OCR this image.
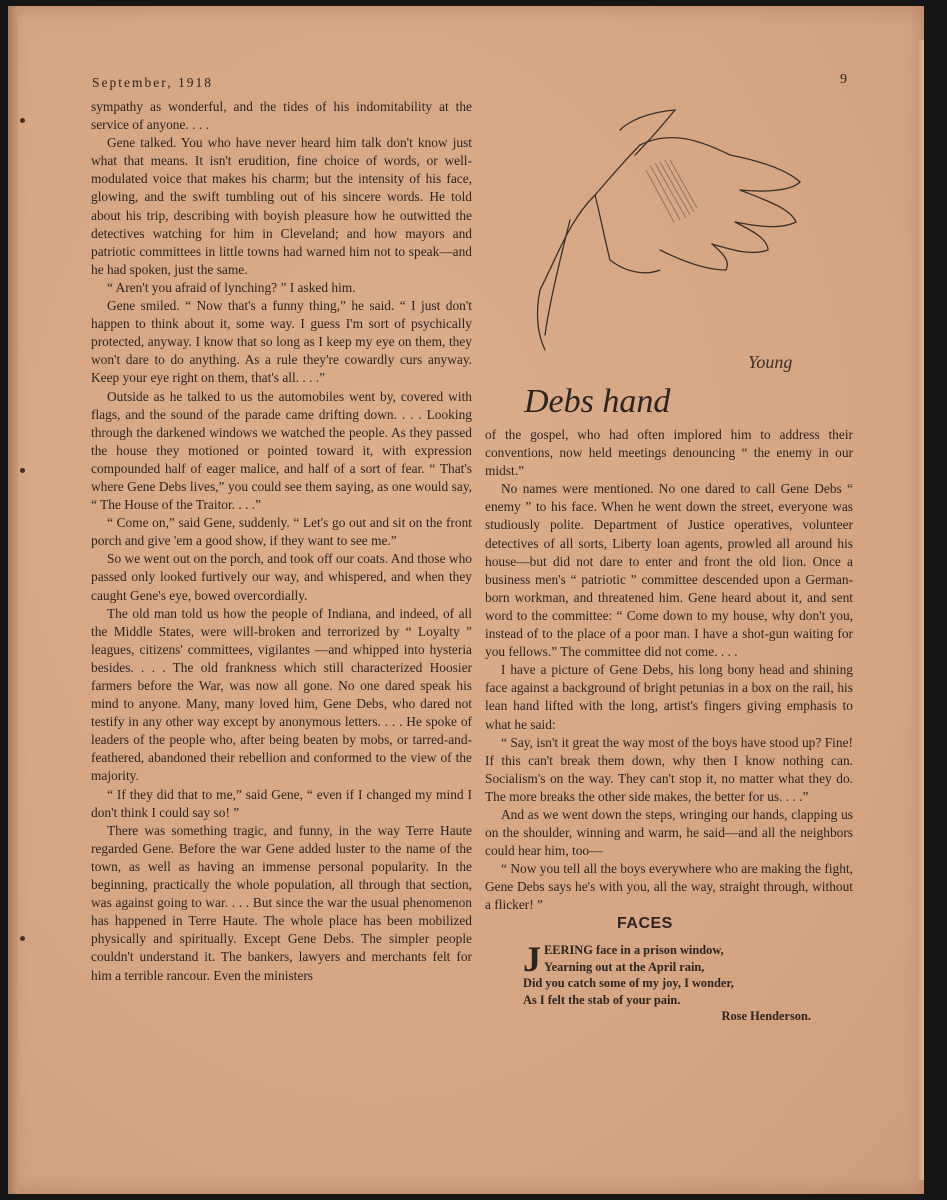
September, 1918	9

sympathy as wonderful, and the tides of his indomitability at the service of anyone. . . .

Gene talked. You who have never heard him talk don't know just what that means. It isn't erudition, fine choice of words, or well-modulated voice that makes his charm; but the intensity of his face, glowing, and the swift tumbling out of his sincere words. He told about his trip, describing with boyish pleasure how he outwitted the detectives watching for him in Cleveland; and how mayors and patriotic committees in little towns had warned him not to speak—and he had spoken, just the same.

“ Aren't you afraid of lynching? ” I asked him.

Gene smiled. “ Now that's a funny thing,” he said. “ I just don't happen to think about it, some way. I guess I'm sort of psychically protected, anyway. I know that so long as I keep my eye on them, they won't dare to do anything. As a rule they're cowardly curs anyway. Keep your eye right on them, that's all. . . .”

Outside as he talked to us the automobiles went by, covered with flags, and the sound of the parade came drifting down. . . . Looking through the darkened windows we watched the people. As they passed the house they motioned or pointed toward it, with expression compounded half of eager malice, and half of a sort of fear. “ That's where Gene Debs lives,” you could see them saying, as one would say, “ The House of the Traitor. . . .”

“ Come on,” said Gene, suddenly. “ Let's go out and sit on the front porch and give 'em a good show, if they want to see me.”

So we went out on the porch, and took off our coats. And those who passed only looked furtively our way, and whispered, and when they caught Gene's eye, bowed overcordially.

The old man told us how the people of Indiana, and indeed, of all the Middle States, were will-broken and terrorized by “ Loyalty ” leagues, citizens' committees, vigilantes —and whipped into hysteria besides. . . . The old frankness which still characterized Hoosier farmers before the War, was now all gone. No one dared speak his mind to anyone. Many, many loved him, Gene Debs, who dared not testify in any other way except by anonymous letters. . . . He spoke of leaders of the people who, after being beaten by mobs, or tarred-and-feathered, abandoned their rebellion and conformed to the view of the majority.

“ If they did that to me,” said Gene, “ even if I changed my mind I don't think I could say so! ”

There was something tragic, and funny, in the way Terre Haute regarded Gene. Before the war Gene added luster to the name of the town, as well as having an immense personal popularity. In the beginning, practically the whole population, all through that section, was against going to war. . . . But since the war the usual phenomenon has happened in Terre Haute. The whole place has been mobilized physically and spiritually. Except Gene Debs. The simpler people couldn't understand it. The bankers, lawyers and merchants felt for him a terrible rancour. Even the ministers

Young
Debs hand

of the gospel, who had often implored him to address their conventions, now held meetings denouncing “ the enemy in our midst.”

No names were mentioned. No one dared to call Gene Debs “ enemy ” to his face. When he went down the street, everyone was studiously polite. Department of Justice operatives, volunteer detectives of all sorts, Liberty loan agents, prowled all around his house—but did not dare to enter and front the old lion. Once a business men's “ patriotic ” committee descended upon a German-born workman, and threatened him. Gene heard about it, and sent word to the committee: “ Come down to my house, why don't you, instead of to the place of a poor man. I have a shot-gun waiting for you fellows.” The committee did not come. . . .

I have a picture of Gene Debs, his long bony head and shining face against a background of bright petunias in a box on the rail, his lean hand lifted with the long, artist's fingers giving emphasis to what he said:

“ Say, isn't it great the way most of the boys have stood up? Fine! If this can't break them down, why then I know nothing can. Socialism's on the way. They can't stop it, no matter what they do. The more breaks the other side makes, the better for us. . . .”

And as we went down the steps, wringing our hands, clapping us on the shoulder, winning and warm, he said—and all the neighbors could hear him, too—

“ Now you tell all the boys everywhere who are making the fight, Gene Debs says he's with you, all the way, straight through, without a flicker! ”

FACES
J EERING face in a prison window,
Yearning out at the April rain,
Did you catch some of my joy, I wonder,
As I felt the stab of your pain.
Rose Henderson.
